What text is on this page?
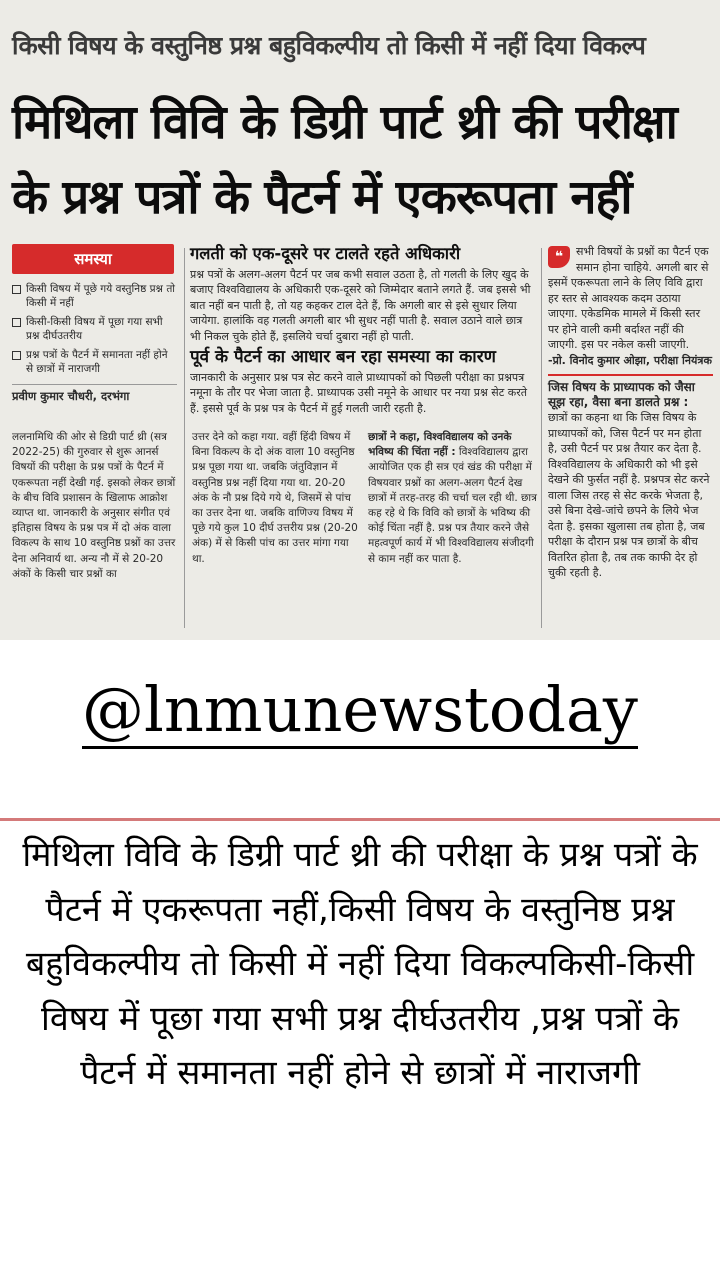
किसी विषय के वस्तुनिष्ठ प्रश्न बहुविकल्पीय तो किसी में नहीं दिया विकल्प
मिथिला विवि के डिग्री पार्ट थ्री की परीक्षा
के प्रश्न पत्रों के पैटर्न में एकरूपता नहीं
समस्या
किसी विषय में पूछे गये वस्तुनिष्ठ प्रश्न तो किसी में नहीं
किसी-किसी विषय में पूछा गया सभी प्रश्न दीर्घउतरीय
प्रश्न पत्रों के पैटर्न में समानता नहीं होने से छात्रों में नाराजगी
प्रवीण कुमार चौधरी, दरभंगा
गलती को एक-दूसरे पर टालते रहते अधिकारी

प्रश्न पत्रों के अलग-अलग पैटर्न पर जब कभी सवाल उठता है, तो गलती के लिए खुद के बजाए विश्वविद्यालय के अधिकारी एक-दूसरे को जिम्मेदार बताने लगते हैं. जब इससे भी बात नहीं बन पाती है, तो यह कहकर टाल देते हैं, कि अगली बार से इसे सुधार लिया जायेगा. हालांकि वह गलती अगली बार भी सुधर नहीं पाती है. सवाल उठाने वाले छात्र भी निकल चुके होते हैं, इसलिये चर्चा दुबारा नहीं हो पाती.

पूर्व के पैटर्न का आधार बन रहा समस्या का कारण

जानकारी के अनुसार प्रश्न पत्र सेट करने वाले प्राध्यापकों को पिछली परीक्षा का प्रश्नपत्र नमूना के तौर पर भेजा जाता है. प्राध्यापक उसी नमूने के आधार पर नया प्रश्न सेट करते हैं. इससे पूर्व के प्रश्न पत्र के पैटर्न में हुई गलती जारी रहती है.

❝	सभी विषयों के प्रश्नों का पैटर्न एक समान होना चाहिये. अगली बार से इसमें एकरूपता लाने के लिए विवि द्वारा हर स्तर से आवश्यक कदम उठाया जाएगा. एकेडमिक मामले में किसी स्तर पर होने वाली कमी बर्दाश्त नहीं की जाएगी. इस पर नकेल कसी जाएगी.

-प्रो. विनोद कुमार ओझा, परीक्षा नियंत्रक

जिस विषय के प्राध्यापक को जैसा सूझ रहा, वैसा बना डालते प्रश्न :

छात्रों का कहना था कि जिस विषय के प्राध्यापकों को, जिस पैटर्न पर मन होता है, उसी पैटर्न पर प्रश्न तैयार कर देता है. विश्वविद्यालय के अधिकारी को भी इसे देखने की फुर्सत नहीं है. प्रश्नपत्र सेट करने वाला जिस तरह से सेट करके भेजता है, उसे बिना देखे-जांचे छपने के लिये भेज देता है. इसका खुलासा तब होता है, जब परीक्षा के दौरान प्रश्न पत्र छात्रों के बीच वितरित होता है, तब तक काफी देर हो चुकी रहती है.

ललनामिथि की ओर से डिग्री पार्ट थ्री (सत्र 2022-25) की गुरुवार से शुरू आनर्स विषयों की परीक्षा के प्रश्न पत्रों के पैटर्न में एकरूपता नहीं देखी गई. इसको लेकर छात्रों के बीच विवि प्रशासन के खिलाफ आक्रोश व्याप्त था. जानकारी के अनुसार संगीत एवं इतिहास विषय के प्रश्न पत्र में दो अंक वाला विकल्प के साथ 10 वस्तुनिष्ठ प्रश्नों का उत्तर देना अनिवार्य था. अन्य नौ में से 20-20 अंकों के किसी चार प्रश्नों का
उत्तर देने को कहा गया. वहीं हिंदी विषय में बिना विकल्प के दो अंक वाला 10 वस्तुनिष्ठ प्रश्न पूछा गया था. जबकि जंतुविज्ञान में वस्तुनिष्ठ प्रश्न नहीं दिया गया था. 20-20 अंक के नौ प्रश्न दिये गये थे, जिसमें से पांच का उत्तर देना था. जबकि वाणिज्य विषय में पूछे गये कुल 10 दीर्घ उत्तरीय प्रश्न (20-20 अंक) में से किसी पांच का उत्तर मांगा गया था.
छात्रों ने कहा, विश्वविद्यालय को उनके भविष्य की चिंता नहीं : विश्वविद्यालय द्वारा आयोजित एक ही सत्र एवं खंड की परीक्षा में विषयवार प्रश्नों का अलग-अलग पैटर्न देख छात्रों में तरह-तरह की चर्चा चल रही थी. छात्र कह रहे थे कि विवि को छात्रों के भविष्य की कोई चिंता नहीं है. प्रश्न पत्र तैयार करने जैसे महत्वपूर्ण कार्य में भी विश्वविद्यालय संजीदगी से काम नहीं कर पाता है.
@lnmunewstoday
मिथिला विवि के डिग्री पार्ट थ्री की परीक्षा के प्रश्न पत्रों के पैटर्न में एकरूपता नहीं,किसी विषय के वस्तुनिष्ठ प्रश्न बहुविकल्पीय तो किसी में नहीं दिया विकल्पकिसी-किसी विषय में पूछा गया सभी प्रश्न दीर्घउतरीय ,प्रश्न पत्रों के पैटर्न में समानता नहीं होने से छात्रों में नाराजगी
